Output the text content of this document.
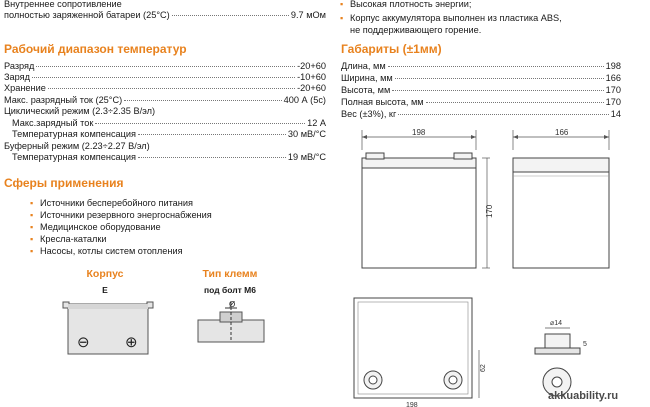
Внутреннее сопротивление
полностью заряженной батареи (25°С)	9.7 мОм
Рабочий диапазон температур
Разряд	-20+60
Заряд	-10+60
Хранение	-20+60
Макс. разрядный ток (25°С)	400 А (5с)
Циклический режим (2.3÷2.35 В/эл)
Макс.зарядный ток	12 А
Температурная компенсация	30 мВ/°С
Буферный режим (2.23÷2.27 В/эл)
Температурная компенсация	19 мВ/°С
Сферы применения
▪ Источники бесперебойного питания
▪ Источники резервного энергоснабжения
▪ Медицинское оборудование
▪ Кресла-каталки
▪ Насосы, котлы систем отопления
Корпус
E
Тип клемм
под болт М6
⊖ ⊕
Ø
▪ Высокая плотность энергии;
▪ Корпус аккумулятора выполнен из пластика ABS,
не поддерживающего горение.
Габариты (±1мм)
Длина, мм	198
Ширина, мм	166
Высота, мм	170
Полная высота, мм	170
Вес (±3%), кг	14
198
170
166
62
198
⌀14
5
akkuability.ru
